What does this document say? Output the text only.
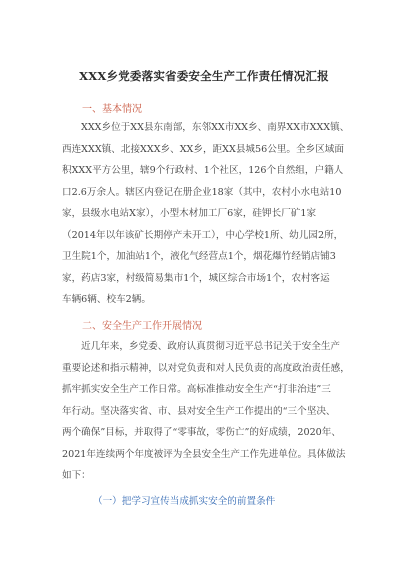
XXX乡党委落实省委安全生产工作责任情况汇报
一、基本情况
XXX乡位于XX县东南部，东邻XX市XX乡、南界XX市XXX镇、
西连XXX镇、北接XXX乡、XX乡，距XX县城56公里。全乡区域面
积XXX平方公里，辖9个行政村、1个社区，126个自然组，户籍人
口2.6万余人。辖区内登记在册企业18家（其中，农村小水电站10
家，县级水电站X家），小型木材加工厂6家，硅钾长厂矿1家
（2014年以年该矿长期停产未开工），中心学校1所、幼儿园2所，
卫生院1个，加油站1个，液化气经营点1个，烟花爆竹经销店铺3
家，药店3家，村级简易集市1个，城区综合市场1个，农村客运
车辆6辆、校车2辆。
二、安全生产工作开展情况
近几年来，乡党委、政府认真贯彻习近平总书记关于安全生产
重要论述和指示精神，以对党负责和对人民负责的高度政治责任感，
抓牢抓实安全生产工作日常。高标准推动安全生产“打非治违”三
年行动。坚决落实省、市、县对安全生产工作提出的“三个坚决、
两个确保”目标，并取得了“零事故，零伤亡”的好成绩，2020年、
2021年连续两个年度被评为全县安全生产工作先进单位。具体做法
如下：
（一）把学习宣传当成抓实安全的前置条件
